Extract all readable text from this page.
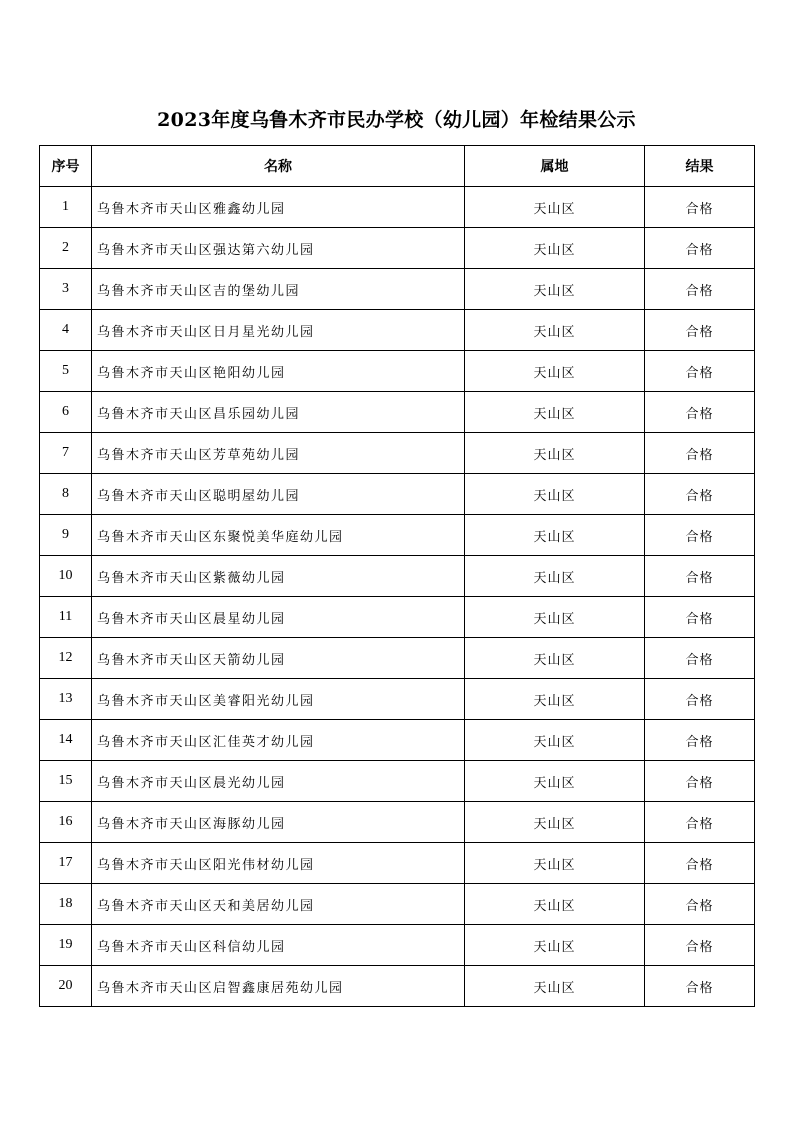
2023年度乌鲁木齐市民办学校（幼儿园）年检结果公示
序号	名称	属地	结果
1	乌鲁木齐市天山区雅鑫幼儿园	天山区	合格
2	乌鲁木齐市天山区强达第六幼儿园	天山区	合格
3	乌鲁木齐市天山区吉的堡幼儿园	天山区	合格
4	乌鲁木齐市天山区日月星光幼儿园	天山区	合格
5	乌鲁木齐市天山区艳阳幼儿园	天山区	合格
6	乌鲁木齐市天山区昌乐园幼儿园	天山区	合格
7	乌鲁木齐市天山区芳草苑幼儿园	天山区	合格
8	乌鲁木齐市天山区聪明屋幼儿园	天山区	合格
9	乌鲁木齐市天山区东聚悦美华庭幼儿园	天山区	合格
10	乌鲁木齐市天山区紫薇幼儿园	天山区	合格
11	乌鲁木齐市天山区晨星幼儿园	天山区	合格
12	乌鲁木齐市天山区天箭幼儿园	天山区	合格
13	乌鲁木齐市天山区美睿阳光幼儿园	天山区	合格
14	乌鲁木齐市天山区汇佳英才幼儿园	天山区	合格
15	乌鲁木齐市天山区晨光幼儿园	天山区	合格
16	乌鲁木齐市天山区海豚幼儿园	天山区	合格
17	乌鲁木齐市天山区阳光伟材幼儿园	天山区	合格
18	乌鲁木齐市天山区天和美居幼儿园	天山区	合格
19	乌鲁木齐市天山区科信幼儿园	天山区	合格
20	乌鲁木齐市天山区启智鑫康居苑幼儿园	天山区	合格
